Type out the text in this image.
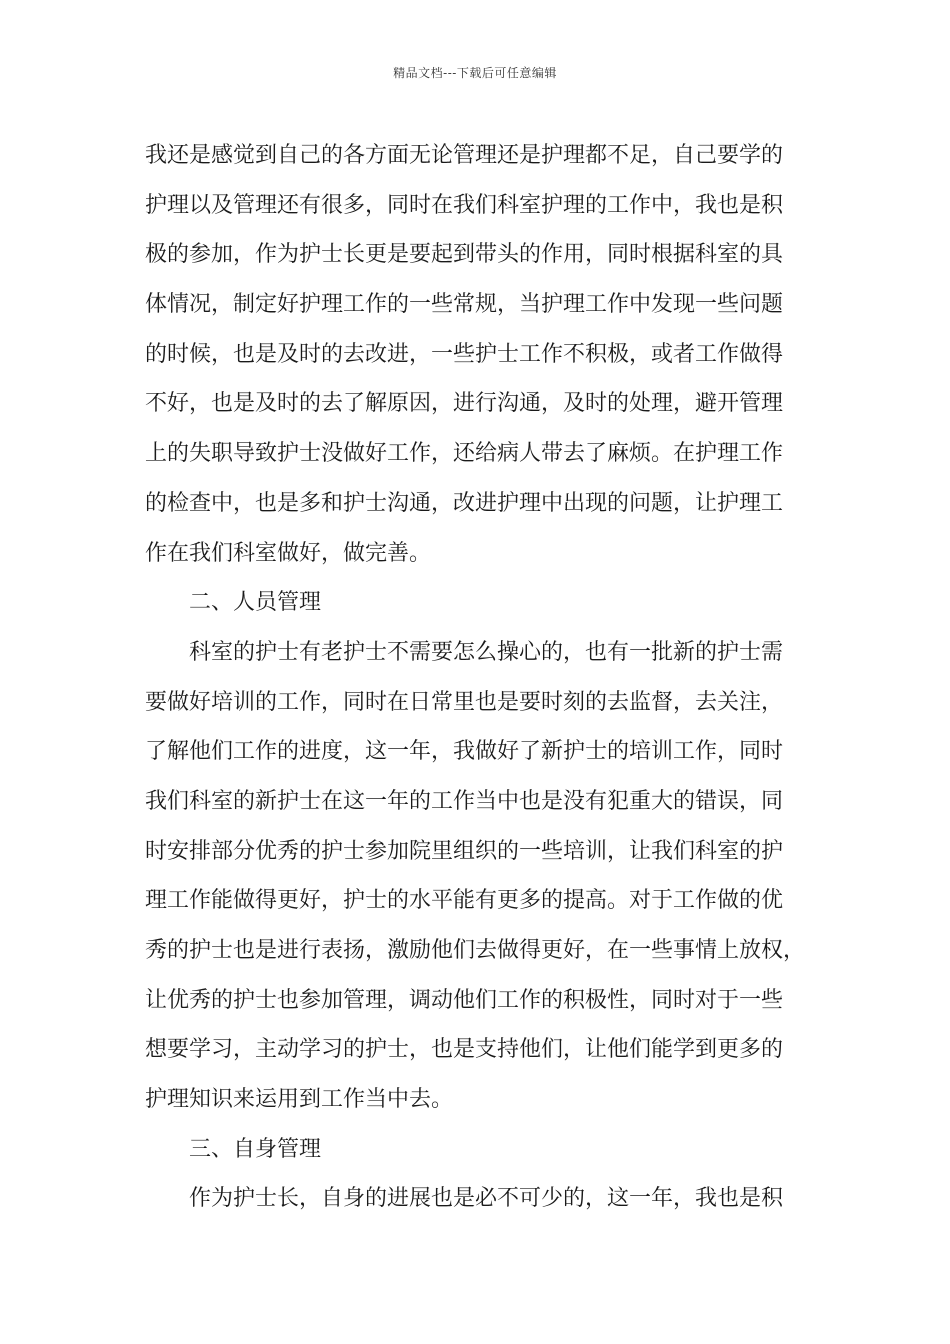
精品文档---下载后可任意编辑
我还是感觉到自己的各方面无论管理还是护理都不足，自己要学的
护理以及管理还有很多，同时在我们科室护理的工作中，我也是积
极的参加，作为护士长更是要起到带头的作用，同时根据科室的具
体情况，制定好护理工作的一些常规，当护理工作中发现一些问题
的时候，也是及时的去改进，一些护士工作不积极，或者工作做得
不好，也是及时的去了解原因，进行沟通，及时的处理，避开管理
上的失职导致护士没做好工作，还给病人带去了麻烦。在护理工作
的检查中，也是多和护士沟通，改进护理中出现的问题，让护理工
作在我们科室做好，做完善。
二、人员管理
科室的护士有老护士不需要怎么操心的，也有一批新的护士需
要做好培训的工作，同时在日常里也是要时刻的去监督，去关注，
了解他们工作的进度，这一年，我做好了新护士的培训工作，同时
我们科室的新护士在这一年的工作当中也是没有犯重大的错误，同
时安排部分优秀的护士参加院里组织的一些培训，让我们科室的护
理工作能做得更好，护士的水平能有更多的提高。对于工作做的优
秀的护士也是进行表扬，激励他们去做得更好，在一些事情上放权，
让优秀的护士也参加管理，调动他们工作的积极性，同时对于一些
想要学习，主动学习的护士，也是支持他们，让他们能学到更多的
护理知识来运用到工作当中去。
三、自身管理
作为护士长，自身的进展也是必不可少的，这一年，我也是积
